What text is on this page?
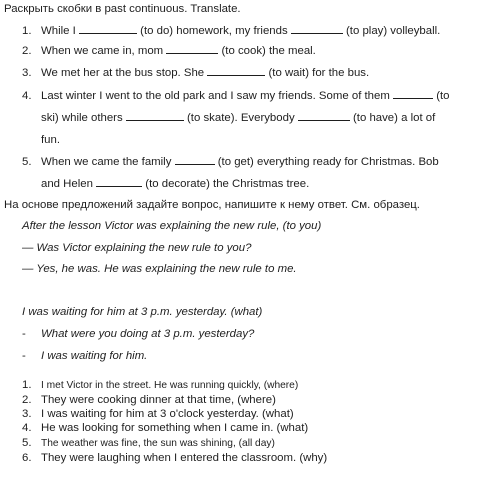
Раскрыть скобки в past continuous. Translate.
1. While I	(to do) homework, my friends	(to play) volleyball.
2. When we came in, mom	(to cook) the meal.
3. We met her at the bus stop. She	(to wait) for the bus.
4. Last winter I went to the old park and I saw my friends. Some of them	(to
ski) while others	(to skate). Everybody	(to have) a lot of
fun.
5. When we came the family	(to get) everything ready for Christmas. Bob
and Helen	(to decorate) the Christmas tree.
На основе предложений задайте вопрос, напишите к нему ответ. См. образец.
After the lesson Victor was explaining the new rule, (to you)
— Was Victor explaining the new rule to you?
— Yes, he was. He was explaining the new rule to me.
I was waiting for him at 3 p.m. yesterday. (what)
- What were you doing at 3 p.m. yesterday?
- I was waiting for him.
1. I met Victor in the street. He was running quickly, (where)
2. They were cooking dinner at that time, (where)
3. I was waiting for him at 3 o'clock yesterday. (what)
4. He was looking for something when I came in. (what)
5. The weather was fine, the sun was shining, (all day)
6. They were laughing when I entered the classroom. (why)
